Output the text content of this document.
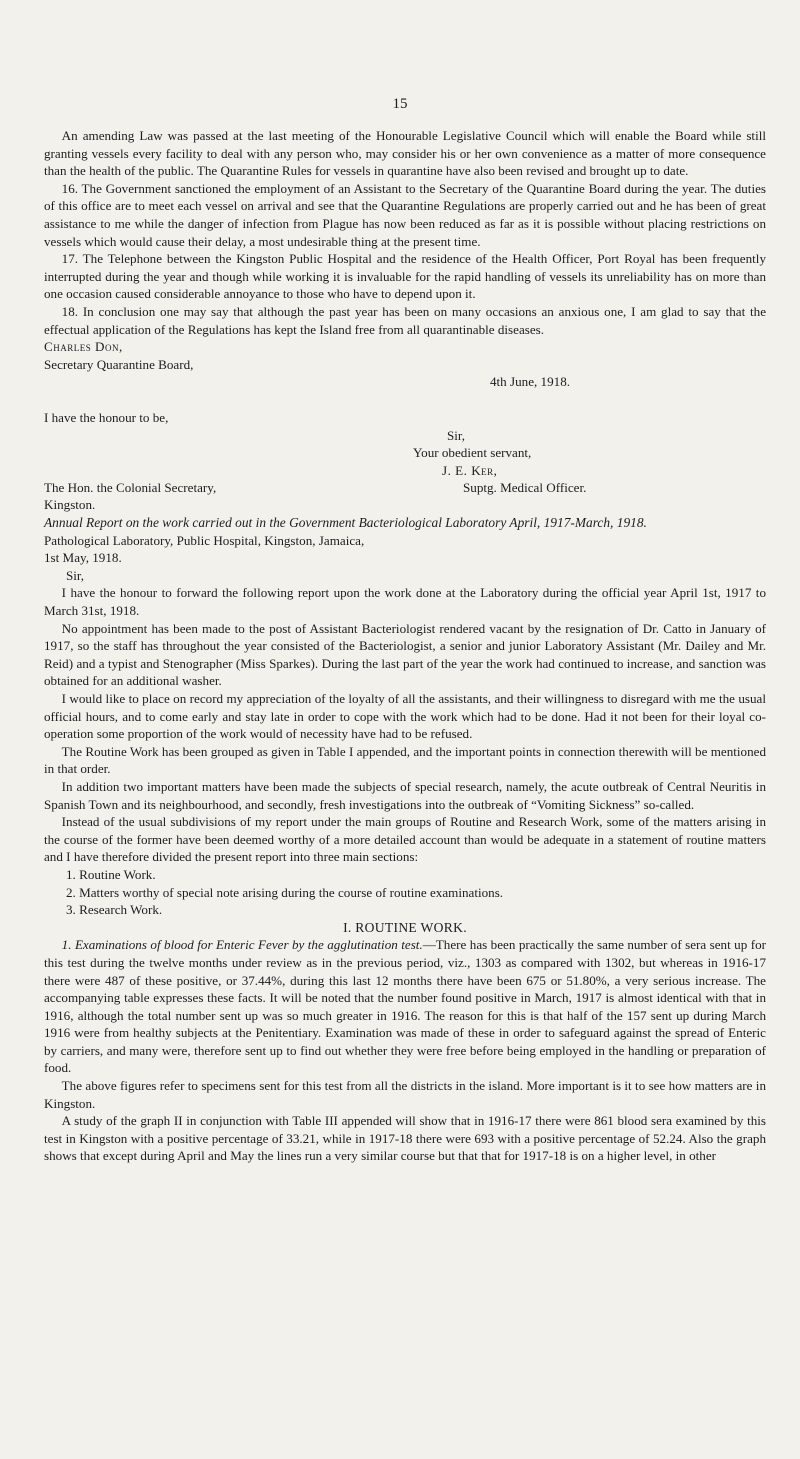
15

An amending Law was passed at the last meeting of the Honourable Legislative Council which will enable the Board while still granting vessels every facility to deal with any person who, may consider his or her own convenience as a matter of more consequence than the health of the public. The Quarantine Rules for vessels in quarantine have also been revised and brought up to date.

16. The Government sanctioned the employment of an Assistant to the Secretary of the Quarantine Board during the year. The duties of this office are to meet each vessel on arrival and see that the Quarantine Regulations are properly carried out and he has been of great assistance to me while the danger of infection from Plague has now been reduced as far as it is possible without placing restrictions on vessels which would cause their delay, a most undesirable thing at the present time.

17. The Telephone between the Kingston Public Hospital and the residence of the Health Officer, Port Royal has been frequently interrupted during the year and though while working it is invaluable for the rapid handling of vessels its unreliability has on more than one occasion caused considerable annoyance to those who have to depend upon it.

18. In conclusion one may say that although the past year has been on many occasions an anxious one, I am glad to say that the effectual application of the Regulations has kept the Island free from all quarantinable diseases.

Charles Don,

Secretary Quarantine Board,

4th June, 1918.

I have the honour to be,

Sir,

Your obedient servant,

J. E. Ker,

Suptg. Medical Officer.

The Hon. the Colonial Secretary,

Kingston.

Annual Report on the work carried out in the Government Bacteriological Laboratory April, 1917-March, 1918.

Pathological Laboratory, Public Hospital, Kingston, Jamaica,

1st May, 1918.

Sir,

I have the honour to forward the following report upon the work done at the Laboratory during the official year April 1st, 1917 to March 31st, 1918.

No appointment has been made to the post of Assistant Bacteriologist rendered vacant by the resignation of Dr. Catto in January of 1917, so the staff has throughout the year consisted of the Bacteriologist, a senior and junior Laboratory Assistant (Mr. Dailey and Mr. Reid) and a typist and Stenographer (Miss Sparkes). During the last part of the year the work had continued to increase, and sanction was obtained for an additional washer.

I would like to place on record my appreciation of the loyalty of all the assistants, and their willingness to disregard with me the usual official hours, and to come early and stay late in order to cope with the work which had to be done. Had it not been for their loyal co-operation some proportion of the work would of necessity have had to be refused.

The Routine Work has been grouped as given in Table I appended, and the important points in connection therewith will be mentioned in that order.

In addition two important matters have been made the subjects of special research, namely, the acute outbreak of Central Neuritis in Spanish Town and its neighbourhood, and secondly, fresh investigations into the outbreak of “Vomiting Sickness” so-called.

Instead of the usual subdivisions of my report under the main groups of Routine and Research Work, some of the matters arising in the course of the former have been deemed worthy of a more detailed account than would be adequate in a statement of routine matters and I have therefore divided the present report into three main sections:

1. Routine Work.

2. Matters worthy of special note arising during the course of routine examinations.

3. Research Work.

I. ROUTINE WORK.

1. Examinations of blood for Enteric Fever by the agglutination test.—There has been practically the same number of sera sent up for this test during the twelve months under review as in the previous period, viz., 1303 as compared with 1302, but whereas in 1916-17 there were 487 of these positive, or 37.44%, during this last 12 months there have been 675 or 51.80%, a very serious increase. The accompanying table expresses these facts. It will be noted that the number found positive in March, 1917 is almost identical with that in 1916, although the total number sent up was so much greater in 1916. The reason for this is that half of the 157 sent up during March 1916 were from healthy subjects at the Penitentiary. Examination was made of these in order to safeguard against the spread of Enteric by carriers, and many were, therefore sent up to find out whether they were free before being employed in the handling or preparation of food.

The above figures refer to specimens sent for this test from all the districts in the island. More important is it to see how matters are in Kingston.

A study of the graph II in conjunction with Table III appended will show that in 1916-17 there were 861 blood sera examined by this test in Kingston with a positive percentage of 33.21, while in 1917-18 there were 693 with a positive percentage of 52.24. Also the graph shows that except during April and May the lines run a very similar course but that that for 1917-18 is on a higher level, in other
